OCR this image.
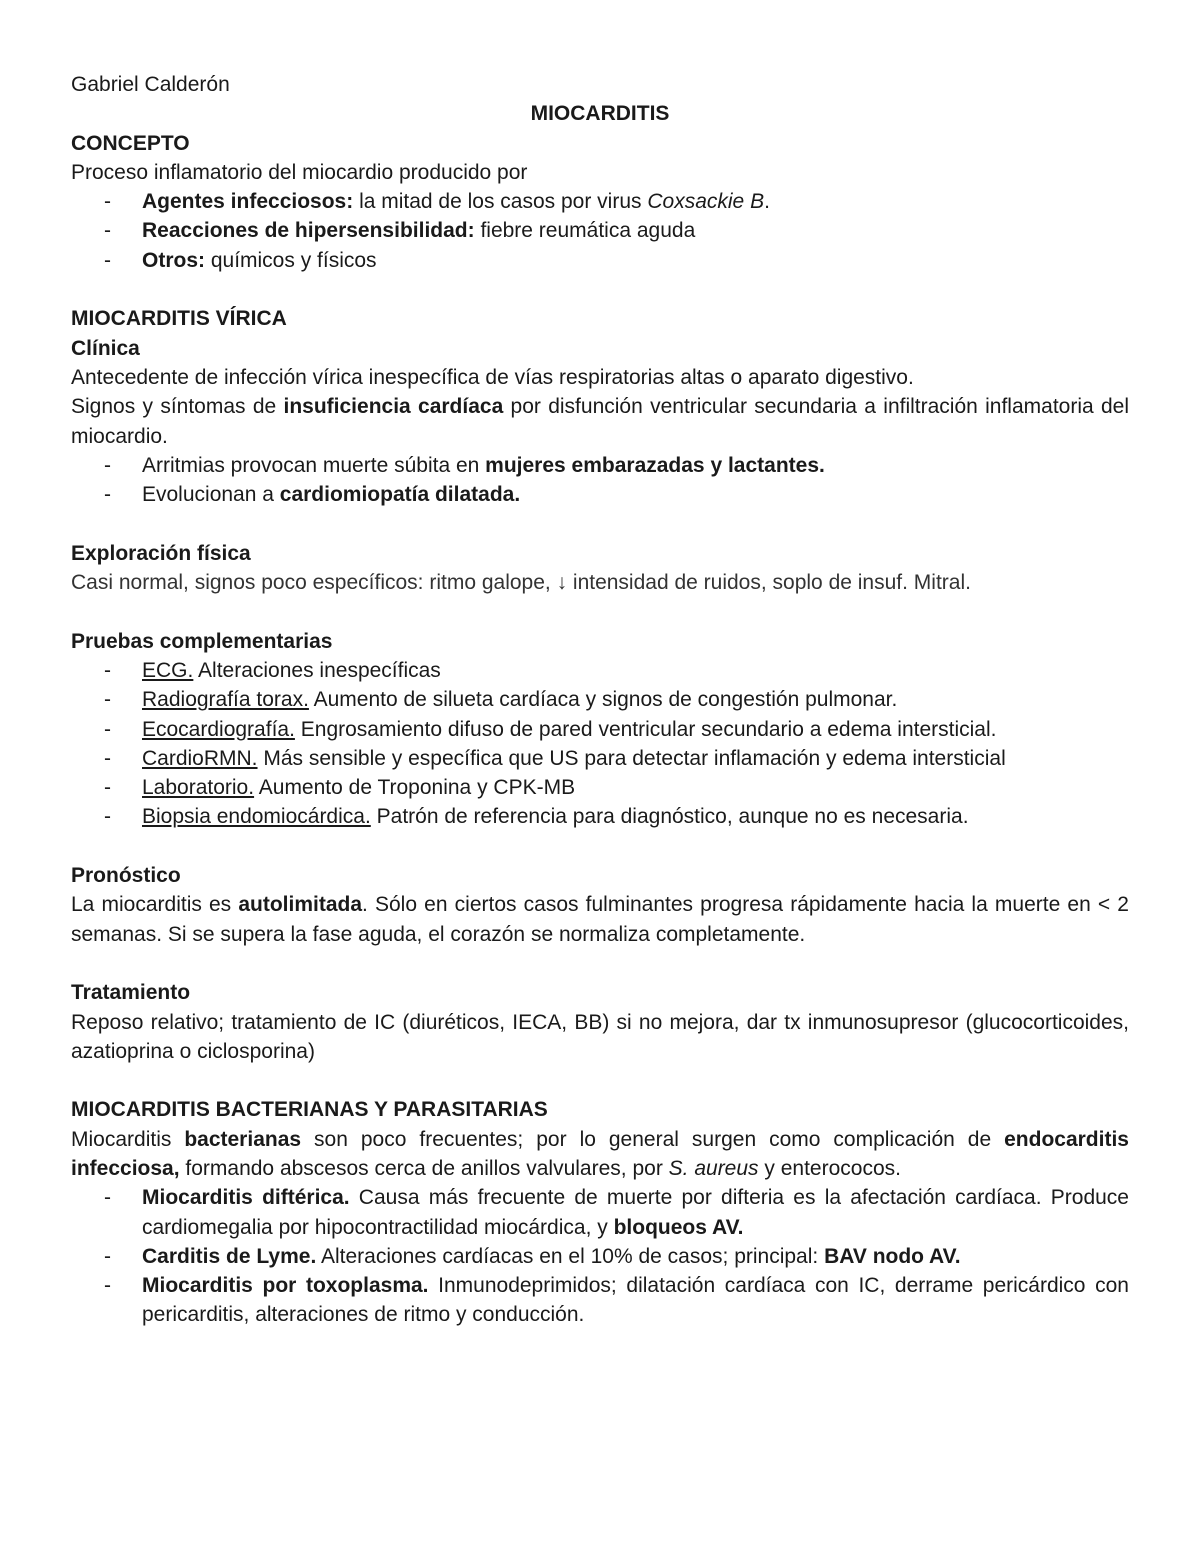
Gabriel Calderón

MIOCARDITIS

CONCEPTO

Proceso inflamatorio del miocardio producido por

- Agentes infecciosos: la mitad de los casos por virus Coxsackie B.
- Reacciones de hipersensibilidad: fiebre reumática aguda
- Otros: químicos y físicos

MIOCARDITIS VÍRICA

Clínica

Antecedente de infección vírica inespecífica de vías respiratorias altas o aparato digestivo.

Signos y síntomas de insuficiencia cardíaca por disfunción ventricular secundaria a infiltración inflamatoria del miocardio.

- Arritmias provocan muerte súbita en mujeres embarazadas y lactantes.
- Evolucionan a cardiomiopatía dilatada.

Exploración física

Casi normal, signos poco específicos: ritmo galope, ↓ intensidad de ruidos, soplo de insuf. Mitral.

Pruebas complementarias

- ECG. Alteraciones inespecíficas
- Radiografía torax. Aumento de silueta cardíaca y signos de congestión pulmonar.
- Ecocardiografía. Engrosamiento difuso de pared ventricular secundario a edema intersticial.
- CardioRMN. Más sensible y específica que US para detectar inflamación y edema intersticial
- Laboratorio. Aumento de Troponina y CPK-MB
- Biopsia endomiocárdica. Patrón de referencia para diagnóstico, aunque no es necesaria.

Pronóstico

La miocarditis es autolimitada. Sólo en ciertos casos fulminantes progresa rápidamente hacia la muerte en < 2 semanas. Si se supera la fase aguda, el corazón se normaliza completamente.

Tratamiento

Reposo relativo; tratamiento de IC (diuréticos, IECA, BB) si no mejora, dar tx inmunosupresor (glucocorticoides, azatioprina o ciclosporina)

MIOCARDITIS BACTERIANAS Y PARASITARIAS

Miocarditis bacterianas son poco frecuentes; por lo general surgen como complicación de endocarditis infecciosa, formando abscesos cerca de anillos valvulares, por S. aureus y enterococos.

- Miocarditis diftérica. Causa más frecuente de muerte por difteria es la afectación cardíaca. Produce cardiomegalia por hipocontractilidad miocárdica, y bloqueos AV.
- Carditis de Lyme. Alteraciones cardíacas en el 10% de casos; principal: BAV nodo AV.
- Miocarditis por toxoplasma. Inmunodeprimidos; dilatación cardíaca con IC, derrame pericárdico con pericarditis, alteraciones de ritmo y conducción.
